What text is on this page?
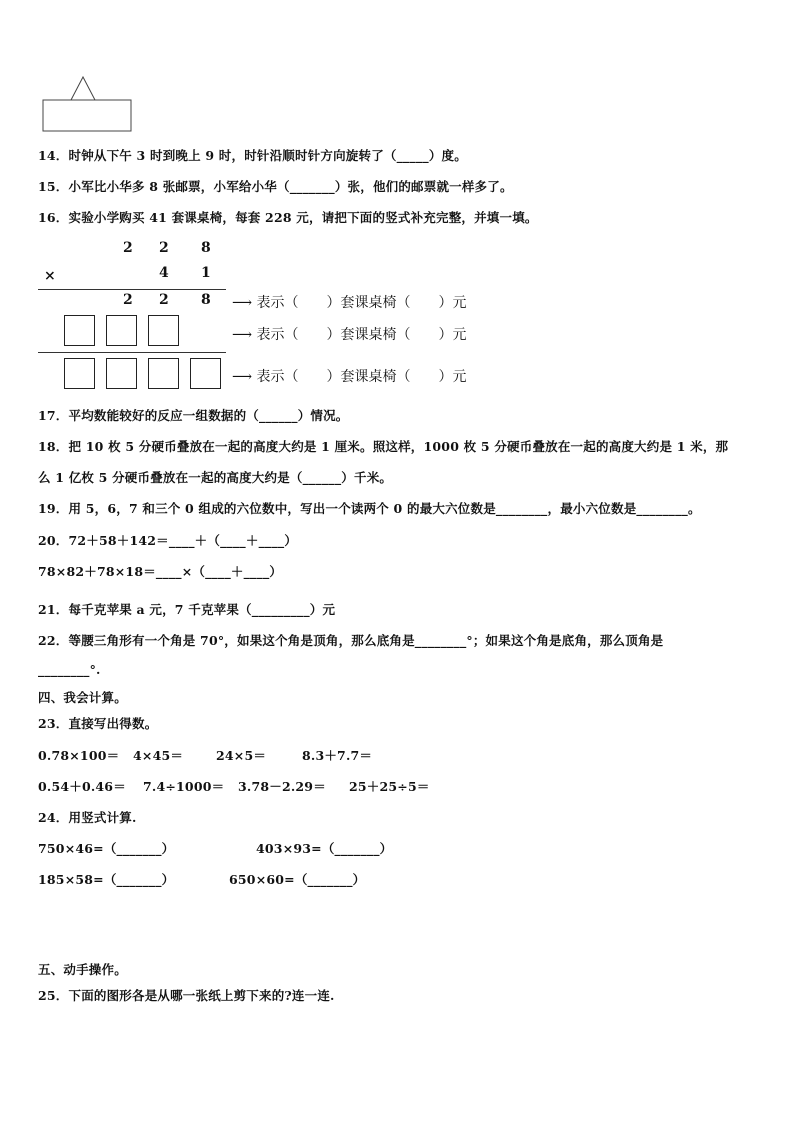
14．时钟从下午 3 时到晚上 9 时，时针沿顺时针方向旋转了（_____）度。
15．小军比小华多 8 张邮票，小军给小华（_______）张，他们的邮票就一样多了。
16．实验小学购买 41 套课桌椅，每套 228 元，请把下面的竖式补充完整，并填一填。
2 2 8
×	4 1
2 2 8 ⟶ 表示（　　）套课桌椅（　　）元
⟶ 表示（　　）套课桌椅（　　）元
⟶ 表示（　　）套课桌椅（　　）元
17．平均数能较好的反应一组数据的（______）情况。
18．把 10 枚 5 分硬币叠放在一起的高度大约是 1 厘米。照这样，1000 枚 5 分硬币叠放在一起的高度大约是 1 米，那
么 1 亿枚 5 分硬币叠放在一起的高度大约是（______）千米。
19．用 5，6，7 和三个 0 组成的六位数中，写出一个读两个 0 的最大六位数是________，最小六位数是________。
20．72＋58＋142＝____＋（____＋____）
78×82＋78×18＝____×（____＋____）
21．每千克苹果 a 元，7 千克苹果（_________）元
22．等腰三角形有一个角是 70°，如果这个角是顶角，那么底角是________°；如果这个角是底角，那么顶角是
________°.
四、我会计算。
23．直接写出得数。
0.78×100＝ 4×45＝	24×5＝	8.3＋7.7＝
0.54＋0.46＝ 7.4÷1000＝ 3.78－2.29＝ 25＋25÷5＝
24．用竖式计算.
750×46=（_______）	403×93=（_______）
185×58=（_______）	650×60=（_______）
五、动手操作。
25．下面的图形各是从哪一张纸上剪下来的?连一连.
